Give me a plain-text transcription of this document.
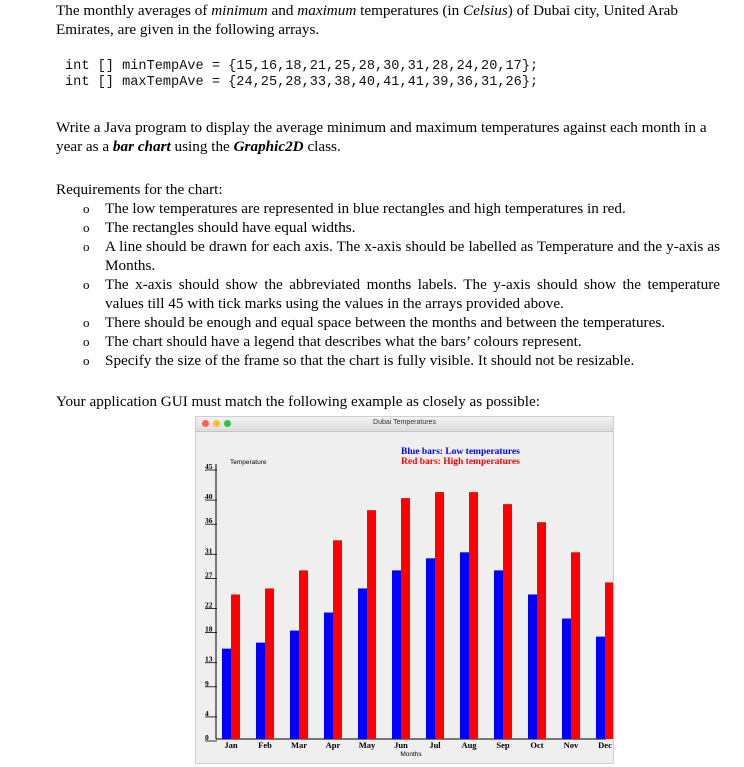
The monthly averages of minimum and maximum temperatures (in Celsius) of Dubai city, United Arab Emirates, are given in the following arrays.
int [] minTempAve = {15,16,18,21,25,28,30,31,28,24,20,17};
int [] maxTempAve = {24,25,28,33,38,40,41,41,39,36,31,26};
Write a Java program to display the average minimum and maximum temperatures against each month in a year as a bar chart using the Graphic2D class.
Requirements for the chart:
o The low temperatures are represented in blue rectangles and high temperatures in red.
o The rectangles should have equal widths.
o A line should be drawn for each axis. The x-axis should be labelled as Temperature and the y-axis as Months.
o The x-axis should show the abbreviated months labels. The y-axis should show the temperature values till 45 with tick marks using the values in the arrays provided above.
o There should be enough and equal space between the months and between the temperatures.
o The chart should have a legend that describes what the bars’ colours represent.
o Specify the size of the frame so that the chart is fully visible. It should not be resizable.
Your application GUI must match the following example as closely as possible:
Dubai Temperatures
0
4
9
13
18
22
27
31
36
40
45
Jan Feb Mar Apr May Jun	Jul Aug Sep Oct Nov Dec
Temperature
Months
Blue bars: Low temperatures
Red bars: High temperatures
